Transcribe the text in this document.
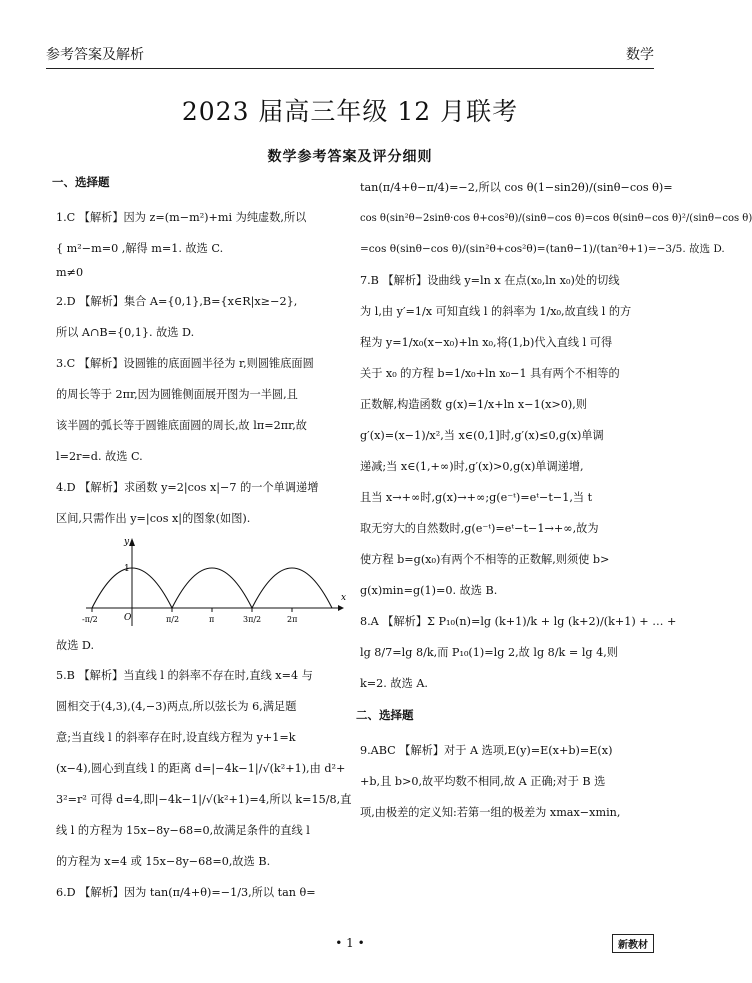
参考答案及解析	数学
2023 届高三年级 12 月联考
数学参考答案及评分细则
一、选择题
1.C 【解析】因为 z=(m−m²)+mi 为纯虚数,所以
{ m²−m=0 ,解得 m=1. 故选 C.
m≠0
2.D 【解析】集合 A={0,1},B={x∈R|x≥−2},
所以 A∩B={0,1}. 故选 D.
3.C 【解析】设圆锥的底面圆半径为 r,则圆锥底面圆
的周长等于 2πr,因为圆锥侧面展开图为一半圆,且
该半圆的弧长等于圆锥底面圆的周长,故 lπ=2πr,故
l=2r=d. 故选 C.
4.D 【解析】求函数 y=2|cos x|−7 的一个单调递增
区间,只需作出 y=|cos x|的图象(如图).
y
x
1
O
-π/2	π/2	π	3π/2	2π
故选 D.
5.B 【解析】当直线 l 的斜率不存在时,直线 x=4 与
圆相交于(4,3),(4,−3)两点,所以弦长为 6,满足题
意;当直线 l 的斜率存在时,设直线方程为 y+1=k
(x−4),圆心到直线 l 的距离 d=|−4k−1|/√(k²+1),由 d²+
3²=r² 可得 d=4,即|−4k−1|/√(k²+1)=4,所以 k=15/8,直
线 l 的方程为 15x−8y−68=0,故满足条件的直线 l
的方程为 x=4 或 15x−8y−68=0,故选 B.
6.D 【解析】因为 tan(π/4+θ)=−1/3,所以 tan θ=
tan(π/4+θ−π/4)=−2,所以 cos θ(1−sin2θ)/(sinθ−cos θ)=
cos θ(sin²θ−2sinθ·cos θ+cos²θ)/(sinθ−cos θ)=cos θ(sinθ−cos θ)²/(sinθ−cos θ)
=cos θ(sinθ−cos θ)/(sin²θ+cos²θ)=(tanθ−1)/(tan²θ+1)=−3/5. 故选 D.
7.B 【解析】设曲线 y=ln x 在点(x₀,ln x₀)处的切线
为 l,由 y′=1/x 可知直线 l 的斜率为 1/x₀,故直线 l 的方
程为 y=1/x₀(x−x₀)+ln x₀,将(1,b)代入直线 l 可得
关于 x₀ 的方程 b=1/x₀+ln x₀−1 具有两个不相等的
正数解,构造函数 g(x)=1/x+ln x−1(x>0),则
g′(x)=(x−1)/x²,当 x∈(0,1]时,g′(x)≤0,g(x)单调
递减;当 x∈(1,+∞)时,g′(x)>0,g(x)单调递增,
且当 x→+∞时,g(x)→+∞;g(e⁻ᵗ)=eᵗ−t−1,当 t
取无穷大的自然数时,g(e⁻ᵗ)=eᵗ−t−1→+∞,故为
使方程 b=g(x₀)有两个不相等的正数解,则须使 b>
g(x)min=g(1)=0. 故选 B.
8.A 【解析】Σ P₁₀(n)=lg (k+1)/k + lg (k+2)/(k+1) + … +
lg 8/7=lg 8/k,而 P₁₀(1)=lg 2,故 lg 8/k = lg 4,则
k=2. 故选 A.
二、选择题
9.ABC 【解析】对于 A 选项,E(y)=E(x+b)=E(x)
+b,且 b>0,故平均数不相同,故 A 正确;对于 B 选
项,由极差的定义知:若第一组的极差为 xmax−xmin,
• 1 •	新教材
